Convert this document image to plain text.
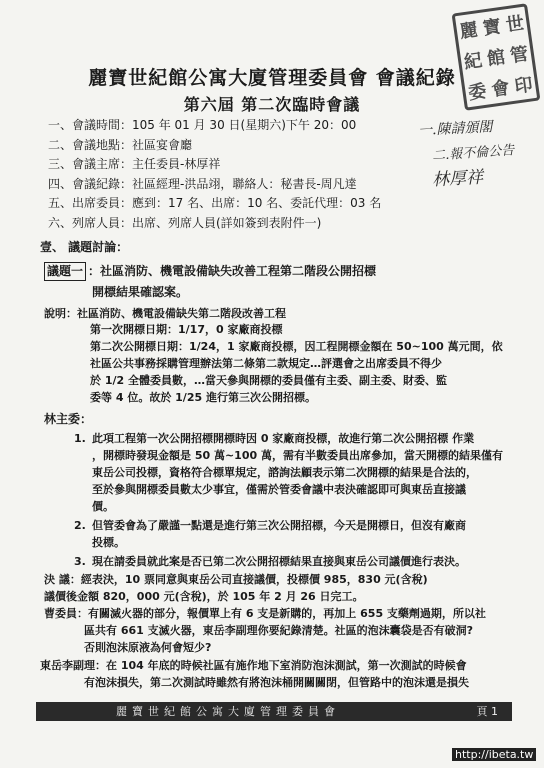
麗 寶 世
紀 館 管
委 會 印
麗寶世紀館公寓大廈管理委員會 會議紀錄
第六屆 第二次臨時會議
一、會議時間：105 年 01 月 30 日(星期六)下午 20：00
二、會議地點：社區宴會廳
三、會議主席：主任委員-林厚祥
四、會議紀錄：社區經理-洪品翊，聯絡人：秘書長-周凡達
五、出席委員：應到：17 名、出席：10 名、委託代理：03 名
六、列席人員：出席、列席人員(詳如簽到表附件一)
一.陳請頒閣
二.報不倫公告
林厚祥
壹、 議題討論：
議題一 ：社區消防、機電設備缺失改善工程第二階段公開招標
開標結果確認案。
說明：社區消防、機電設備缺失第二階段改善工程
第一次開標日期：1/17，0 家廠商投標
第二次公開標日期：1/24，1 家廠商投標，因工程開標金額在 50~100 萬元間，依
社區公共事務採購管理辦法第二條第二款規定…評選會之出席委員不得少
於 1/2 全體委員數，…當天參與開標的委員僅有主委、副主委、財委、監
委等 4 位。故於 1/25 進行第三次公開招標。
林主委：
1. 此項工程第一次公開招標開標時因 0 家廠商投標，故進行第二次公開招標 作業
，開標時發現金額是 50 萬~100 萬，需有半數委員出席參加，當天開標的結果僅有
東岳公司投標，資格符合標單規定，諮詢法顧表示第二次開標的結果是合法的，
至於參與開標委員數太少事宜，僅需於管委會議中表決確認即可與東岳直接議
價。
2. 但管委會為了嚴謹一點還是進行第三次公開招標，今天是開標日，但沒有廠商
投標。
3. 現在請委員就此案是否已第二次公開招標結果直接與東岳公司議價進行表決。
決 議：經表決，10 票同意與東岳公司直接議價，投標價 985，830 元(含稅)
議價後金額 820，000 元(含稅)，於 105 年 2 月 26 日完工。
曹委員：有關滅火器的部分，報價單上有 6 支是新購的，再加上 655 支藥劑過期，所以社
區共有 661 支滅火器，東岳李副理你要紀錄清楚。社區的泡沫囊袋是否有破洞?
否則泡沫原液為何會短少?
東岳李副理：在 104 年底的時候社區有施作地下室消防泡沫測試，第一次測試的時候會
有泡沫損失，第二次測試時雖然有將泡沫桶開關關閉，但管路中的泡沫還是損失
麗寶世紀館公寓大廈管理委員會	頁 1
http://ibeta.tw
